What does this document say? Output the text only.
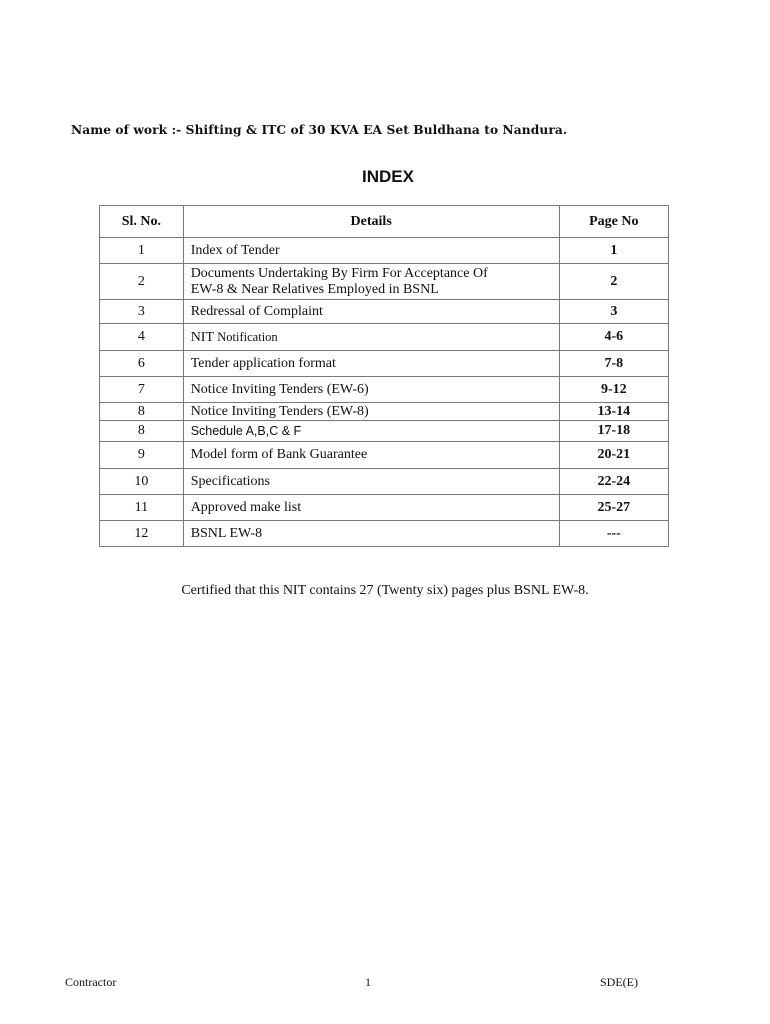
Name of work :- Shifting & ITC of 30 KVA EA Set Buldhana to Nandura.
INDEX
Sl. No.	Details	Page No
1	Index of Tender	1
2	Documents Undertaking By Firm For Acceptance Of
EW-8 & Near Relatives Employed in BSNL	2
3	Redressal of Complaint	3
4	NIT Notification	4-6
6	Tender application format	7-8
7	Notice Inviting Tenders (EW-6)	9-12
8	Notice Inviting Tenders (EW-8)	13-14
8	Schedule A,B,C & F	17-18
9	Model form of Bank Guarantee	20-21
10	Specifications	22-24
11	Approved make list	25-27
12	BSNL EW-8	---
Certified that this NIT contains 27 (Twenty six) pages plus BSNL EW-8.
Contractor	1	SDE(E)
